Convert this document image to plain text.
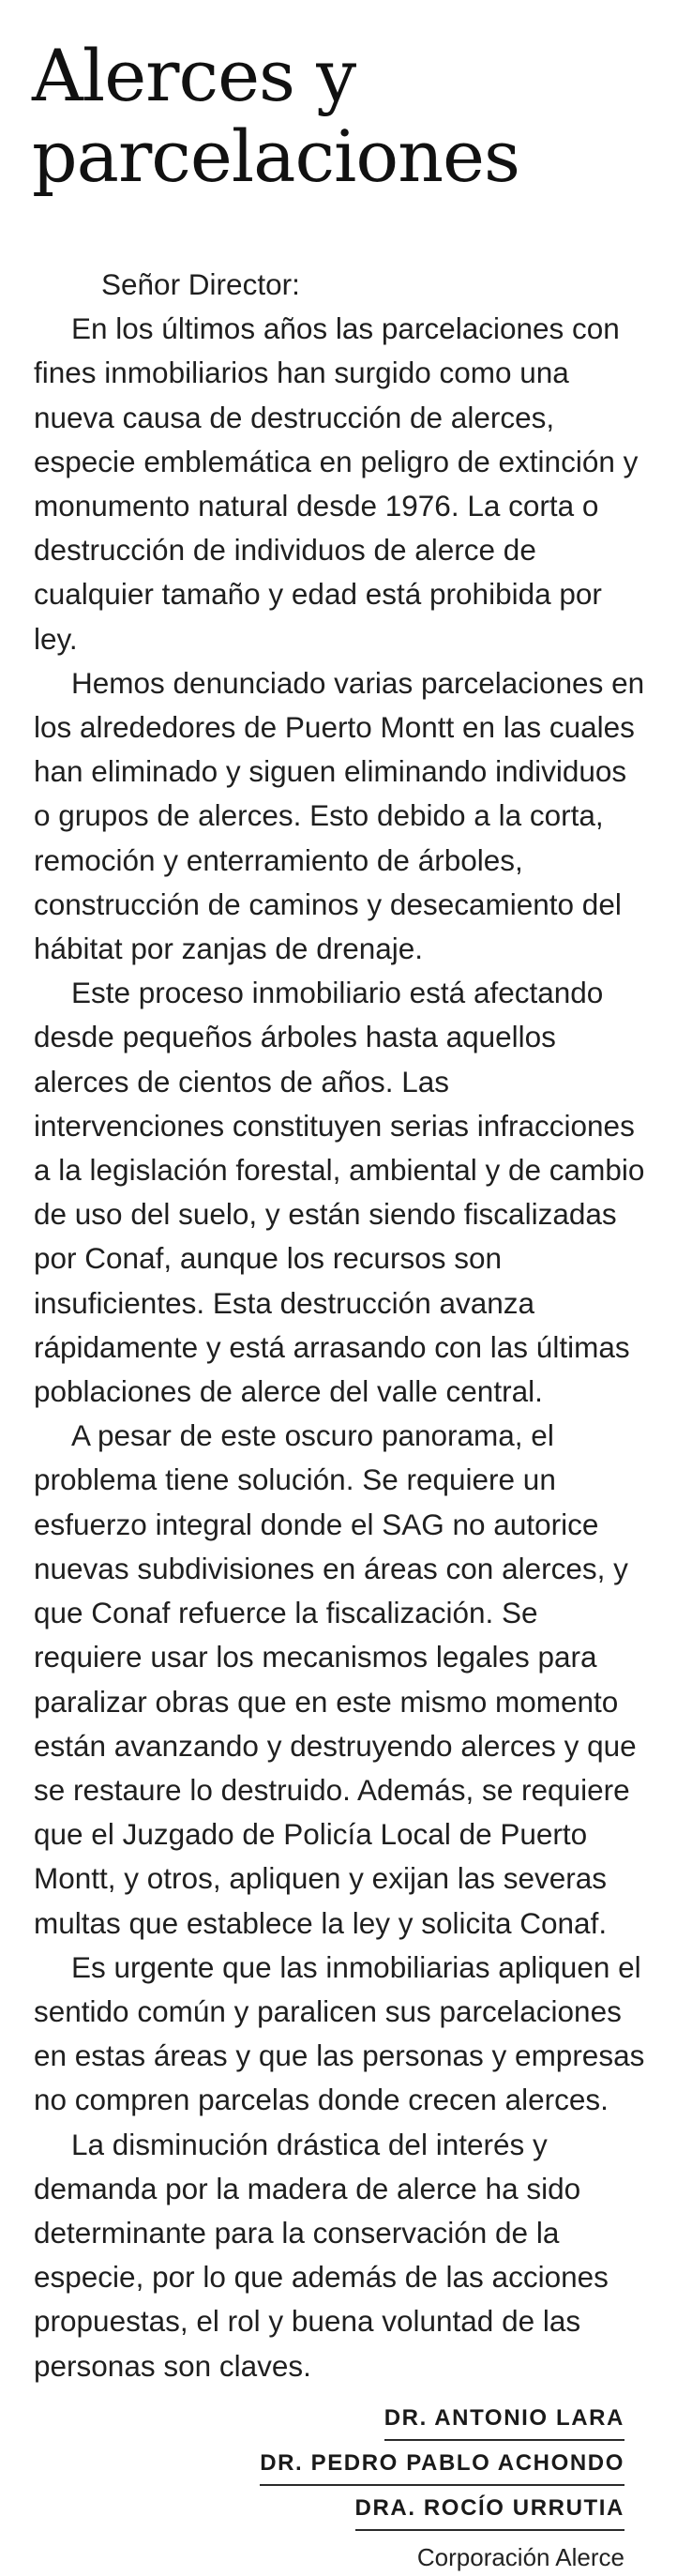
Alerces y
parcelaciones

Señor Director:

En los últimos años las parcelaciones con fines inmobiliarios han surgido como una nueva causa de destrucción de alerces, especie emblemática en peligro de extinción y monumento natural desde 1976. La corta o destrucción de individuos de alerce de cualquier tamaño y edad está prohibida por ley.

Hemos denunciado varias parcelaciones en los alrededores de Puerto Montt en las cuales han eliminado y siguen eliminando individuos o grupos de alerces. Esto debido a la corta, remoción y enterramiento de árboles, construcción de caminos y desecamiento del hábitat por zanjas de drenaje.

Este proceso inmobiliario está afectando desde pequeños árboles hasta aquellos alerces de cientos de años. Las intervenciones constituyen serias infracciones a la legislación forestal, ambiental y de cambio de uso del suelo, y están siendo fiscalizadas por Conaf, aunque los recursos son insuficientes. Esta destrucción avanza rápidamente y está arrasando con las últimas poblaciones de alerce del valle central.

A pesar de este oscuro panorama, el problema tiene solución. Se requiere un esfuerzo integral donde el SAG no autorice nuevas subdivisiones en áreas con alerces, y que Conaf refuerce la fiscalización. Se requiere usar los mecanismos legales para paralizar obras que en este mismo momento están avanzando y destruyendo alerces y que se restaure lo destruido. Además, se requiere que el Juzgado de Policía Local de Puerto Montt, y otros, apliquen y exijan las severas multas que establece la ley y solicita Conaf.

Es urgente que las inmobiliarias apliquen el sentido común y paralicen sus parcelaciones en estas áreas y que las personas y empresas no compren parcelas donde crecen alerces.

La disminución drástica del interés y demanda por la madera de alerce ha sido determinante para la conservación de la especie, por lo que además de las acciones propuestas, el rol y buena voluntad de las personas son claves.

DR. ANTONIO LARA
DR. PEDRO PABLO ACHONDO
DRA. ROCÍO URRUTIA
Corporación Alerce
